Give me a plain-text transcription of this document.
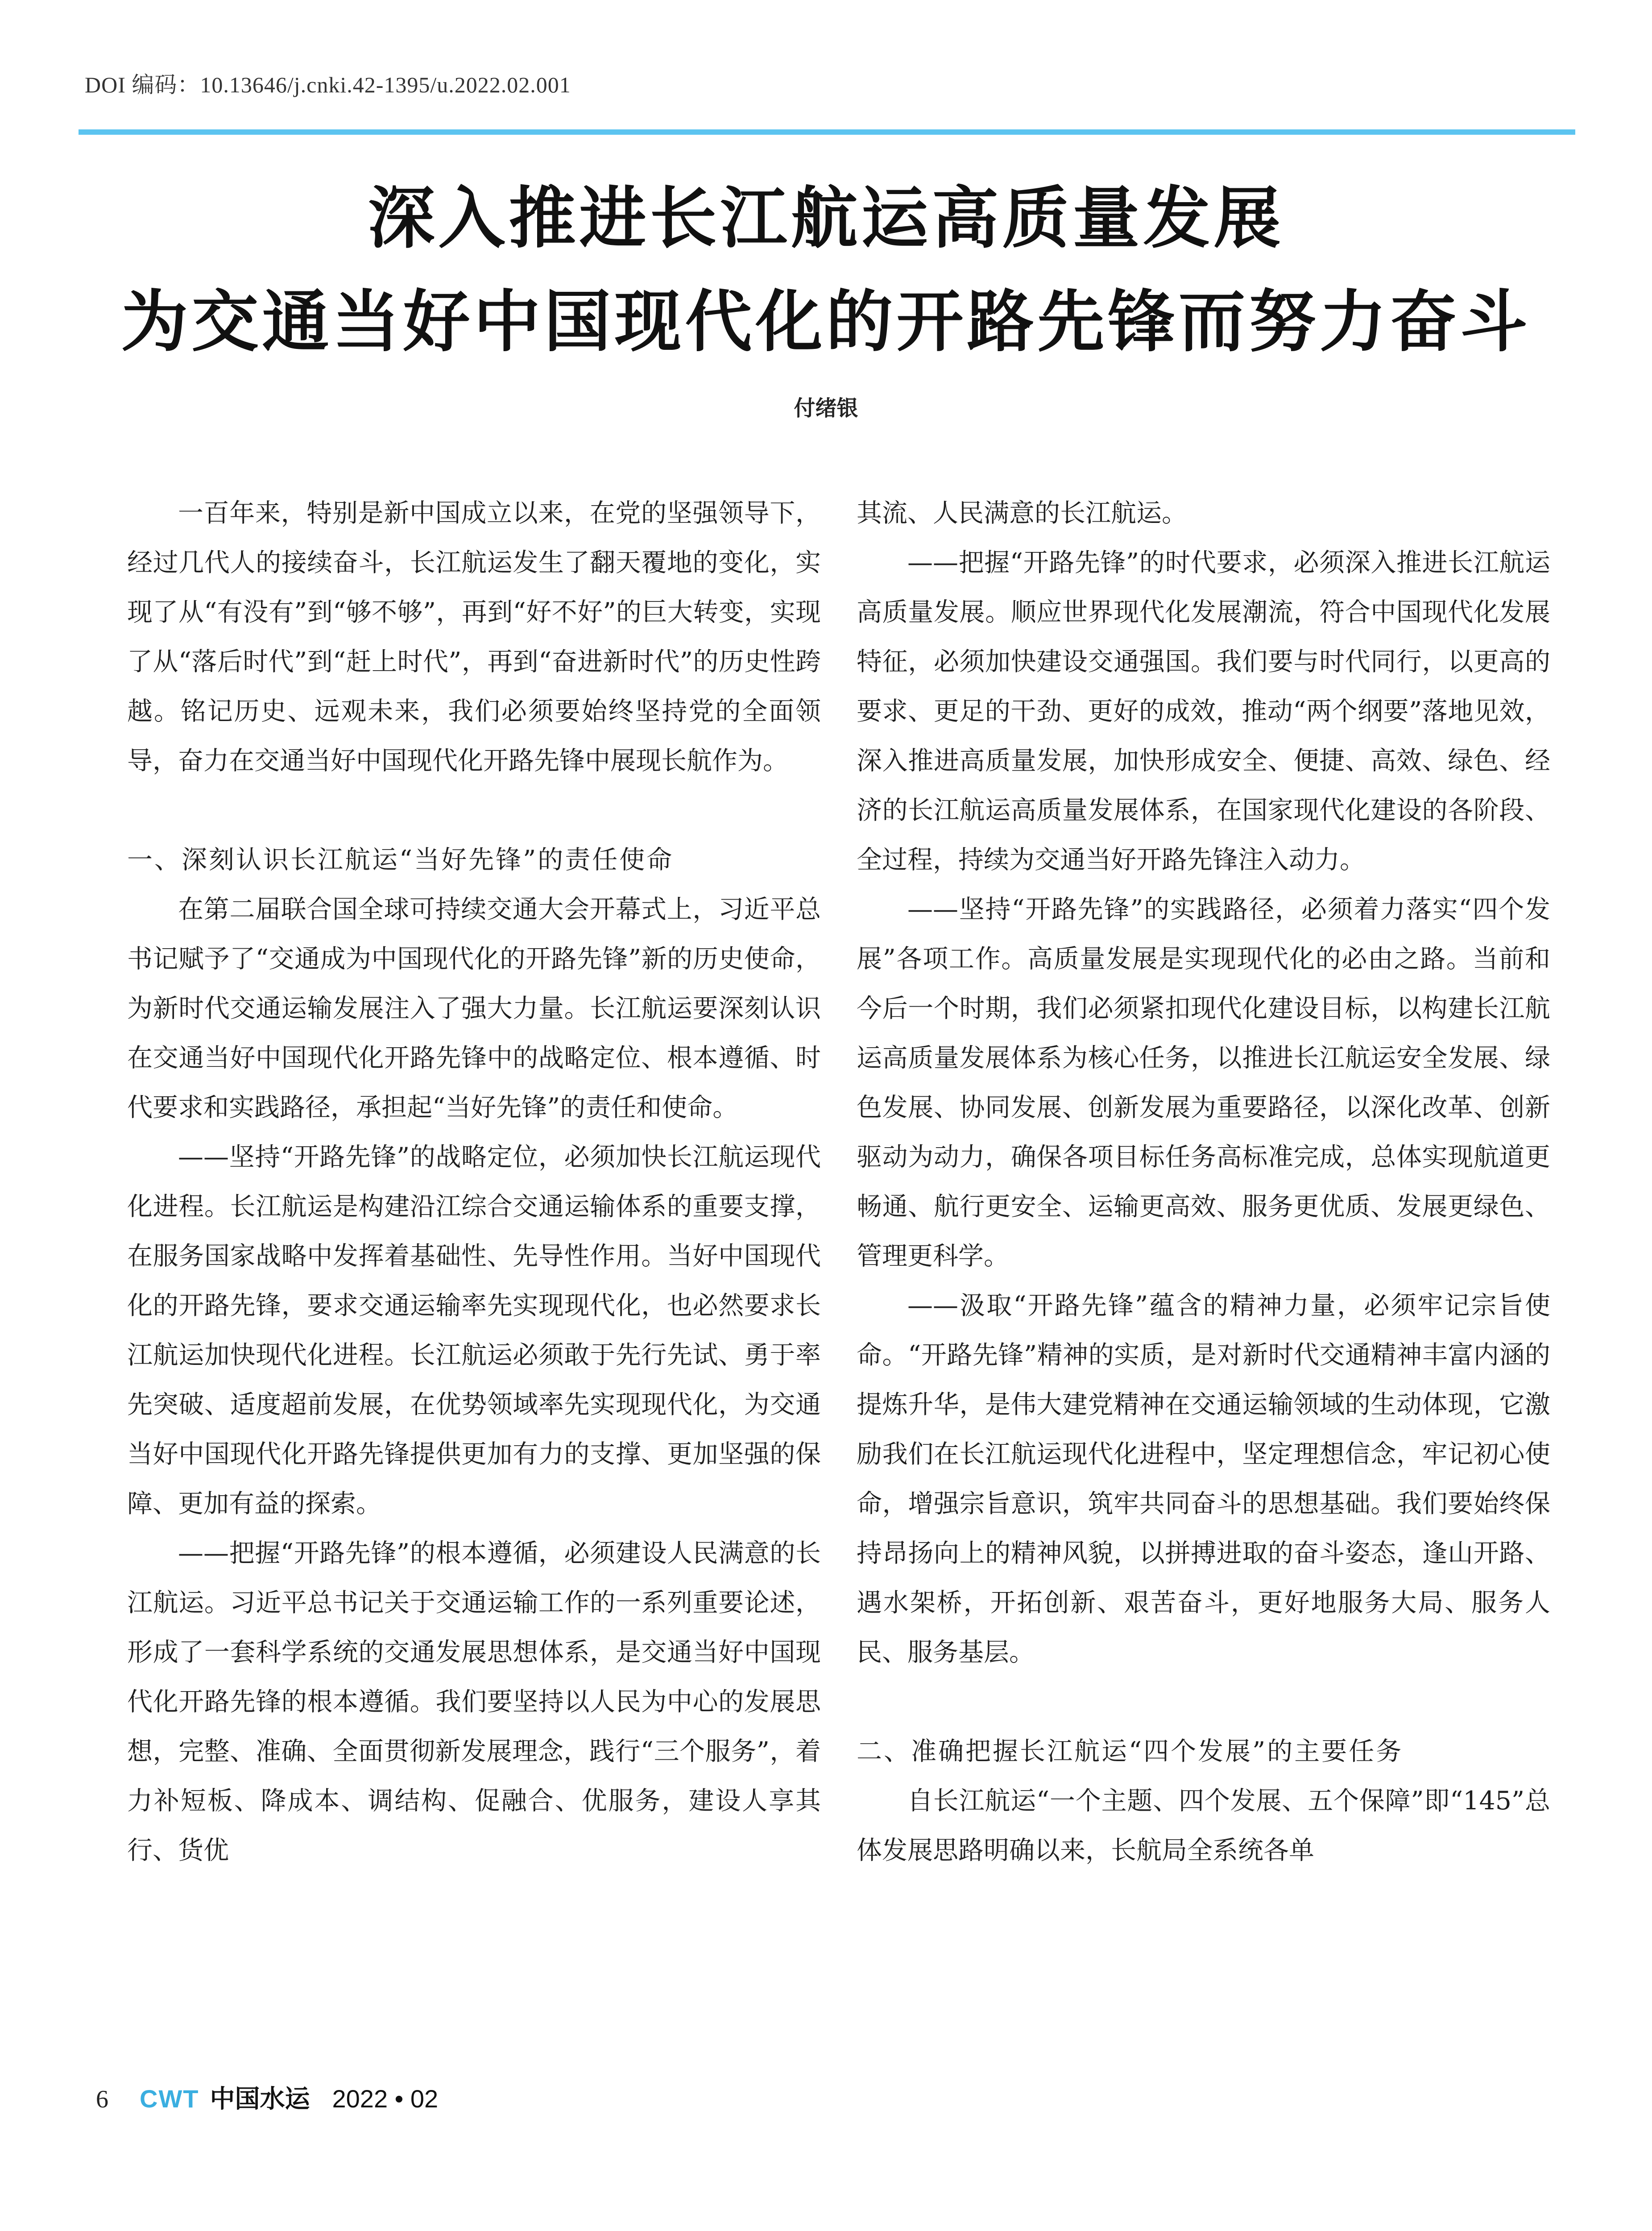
DOI 编码：10.13646/j.cnki.42-1395/u.2022.02.001
深入推进长江航运高质量发展
为交通当好中国现代化的开路先锋而努力奋斗
付绪银

一百年来，特别是新中国成立以来，在党的坚强领导下，经过几代人的接续奋斗，长江航运发生了翻天覆地的变化，实现了从“有没有”到“够不够”，再到“好不好”的巨大转变，实现了从“落后时代”到“赶上时代”，再到“奋进新时代”的历史性跨越。铭记历史、远观未来，我们必须要始终坚持党的全面领导，奋力在交通当好中国现代化开路先锋中展现长航作为。

一、深刻认识长江航运“当好先锋”的责任使命

在第二届联合国全球可持续交通大会开幕式上，习近平总书记赋予了“交通成为中国现代化的开路先锋”新的历史使命，为新时代交通运输发展注入了强大力量。长江航运要深刻认识在交通当好中国现代化开路先锋中的战略定位、根本遵循、时代要求和实践路径，承担起“当好先锋”的责任和使命。

——坚持“开路先锋”的战略定位，必须加快长江航运现代化进程。长江航运是构建沿江综合交通运输体系的重要支撑，在服务国家战略中发挥着基础性、先导性作用。当好中国现代化的开路先锋，要求交通运输率先实现现代化，也必然要求长江航运加快现代化进程。长江航运必须敢于先行先试、勇于率先突破、适度超前发展，在优势领域率先实现现代化，为交通当好中国现代化开路先锋提供更加有力的支撑、更加坚强的保障、更加有益的探索。

——把握“开路先锋”的根本遵循，必须建设人民满意的长江航运。习近平总书记关于交通运输工作的一系列重要论述，形成了一套科学系统的交通发展思想体系，是交通当好中国现代化开路先锋的根本遵循。我们要坚持以人民为中心的发展思想，完整、准确、全面贯彻新发展理念，践行“三个服务”，着力补短板、降成本、调结构、促融合、优服务，建设人享其行、货优

其流、人民满意的长江航运。

——把握“开路先锋”的时代要求，必须深入推进长江航运高质量发展。顺应世界现代化发展潮流，符合中国现代化发展特征，必须加快建设交通强国。我们要与时代同行，以更高的要求、更足的干劲、更好的成效，推动“两个纲要”落地见效，深入推进高质量发展，加快形成安全、便捷、高效、绿色、经济的长江航运高质量发展体系，在国家现代化建设的各阶段、全过程，持续为交通当好开路先锋注入动力。

——坚持“开路先锋”的实践路径，必须着力落实“四个发展”各项工作。高质量发展是实现现代化的必由之路。当前和今后一个时期，我们必须紧扣现代化建设目标，以构建长江航运高质量发展体系为核心任务，以推进长江航运安全发展、绿色发展、协同发展、创新发展为重要路径，以深化改革、创新驱动为动力，确保各项目标任务高标准完成，总体实现航道更畅通、航行更安全、运输更高效、服务更优质、发展更绿色、管理更科学。

——汲取“开路先锋”蕴含的精神力量，必须牢记宗旨使命。“开路先锋”精神的实质，是对新时代交通精神丰富内涵的提炼升华，是伟大建党精神在交通运输领域的生动体现，它激励我们在长江航运现代化进程中，坚定理想信念，牢记初心使命，增强宗旨意识，筑牢共同奋斗的思想基础。我们要始终保持昂扬向上的精神风貌，以拼搏进取的奋斗姿态，逢山开路、遇水架桥，开拓创新、艰苦奋斗，更好地服务大局、服务人民、服务基层。

二、准确把握长江航运“四个发展”的主要任务

自长江航运“一个主题、四个发展、五个保障”即“145”总体发展思路明确以来，长航局全系统各单

6 CWT 中国水运 2022 • 02
